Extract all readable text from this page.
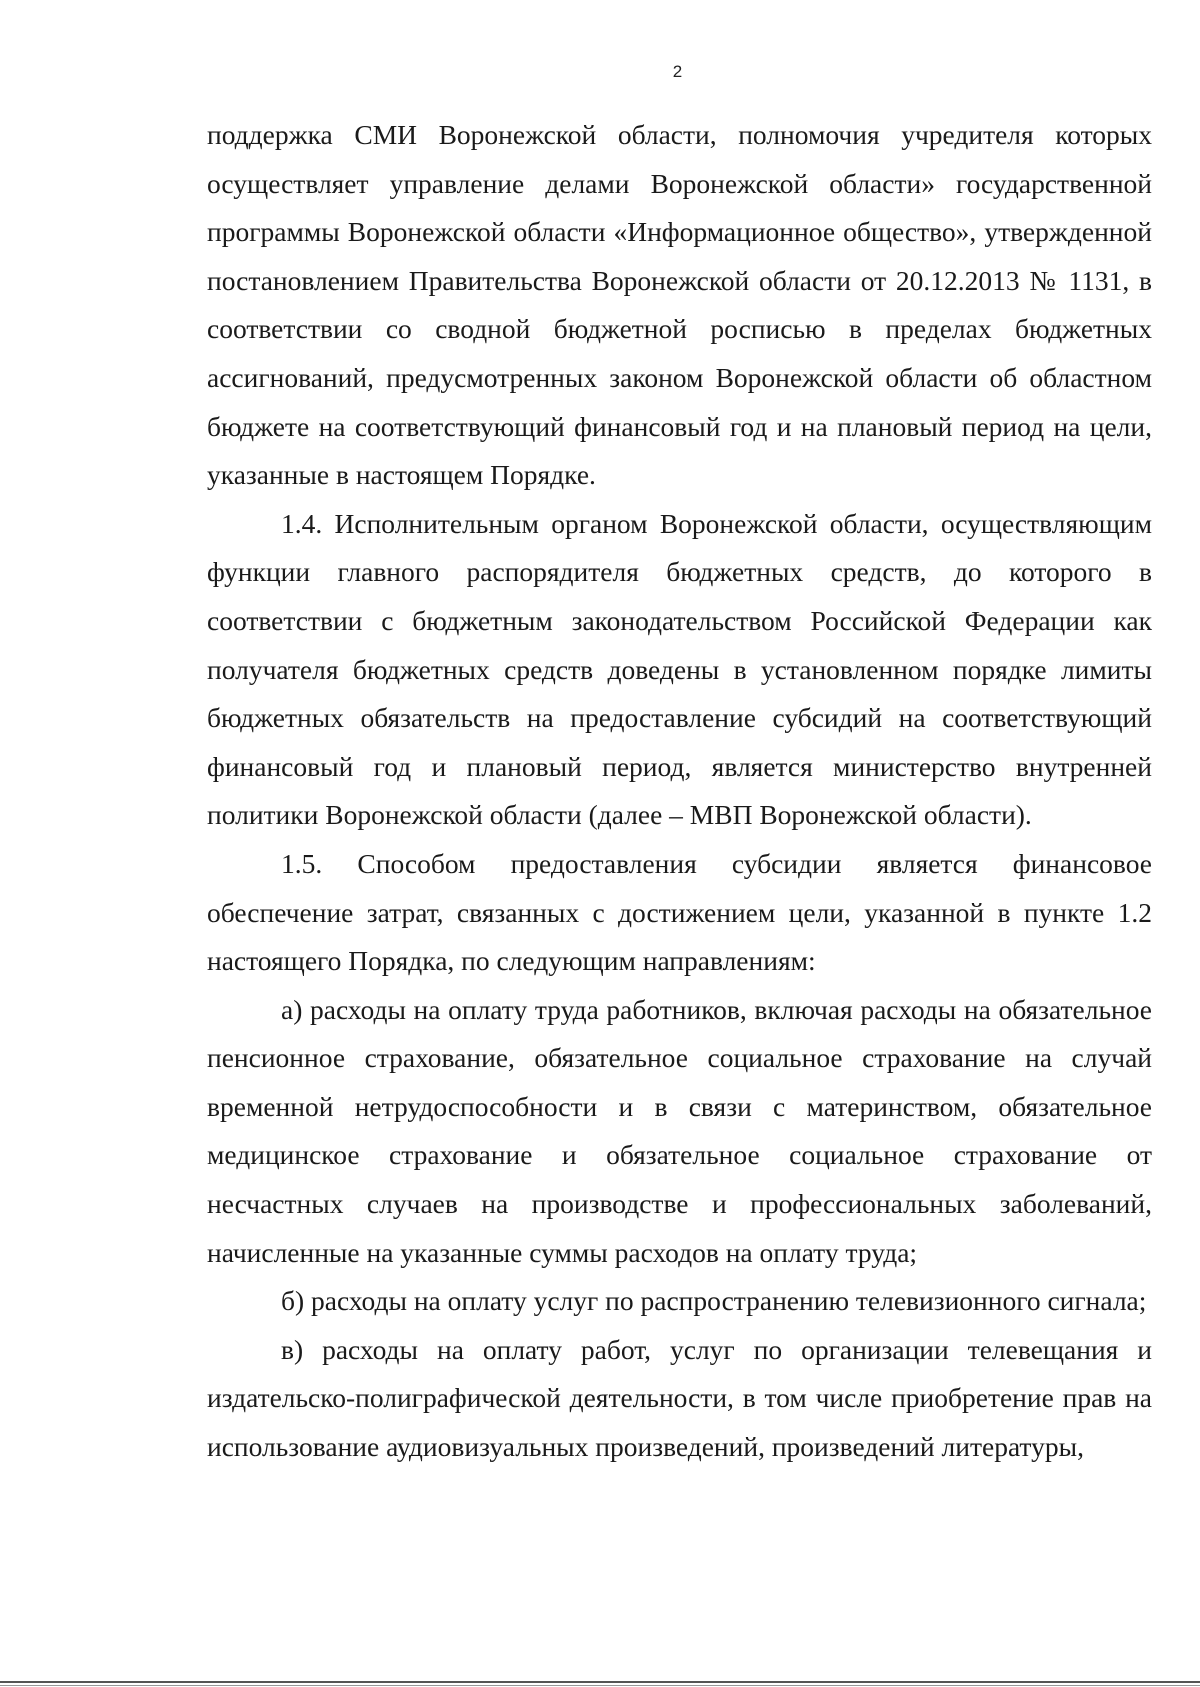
2

поддержка СМИ Воронежской области, полномочия учредителя которых осуществляет управление делами Воронежской области» государственной программы Воронежской области «Информационное общество», утвержденной постановлением Правительства Воронежской области от 20.12.2013 № 1131, в соответствии со сводной бюджетной росписью в пределах бюджетных ассигнований, предусмотренных законом Воронежской области об областном бюджете на соответствующий финансовый год и на плановый период на цели, указанные в настоящем Порядке.

1.4. Исполнительным органом Воронежской области, осуществляющим функции главного распорядителя бюджетных средств, до которого в соответствии с бюджетным законодательством Российской Федерации как получателя бюджетных средств доведены в установленном порядке лимиты бюджетных обязательств на предоставление субсидий на соответствующий финансовый год и плановый период, является министерство внутренней политики Воронежской области (далее – МВП Воронежской области).

1.5. Способом предоставления субсидии является финансовое обеспечение затрат, связанных с достижением цели, указанной в пункте 1.2 настоящего Порядка, по следующим направлениям:

а) расходы на оплату труда работников, включая расходы на обязательное пенсионное страхование, обязательное социальное страхование на случай временной нетрудоспособности и в связи с материнством, обязательное медицинское страхование и обязательное социальное страхование от несчастных случаев на производстве и профессиональных заболеваний, начисленные на указанные суммы расходов на оплату труда;

б) расходы на оплату услуг по распространению телевизионного сигнала;

в) расходы на оплату работ, услуг по организации телевещания и издательско-полиграфической деятельности, в том числе приобретение прав на использование аудиовизуальных произведений, произведений литературы,
